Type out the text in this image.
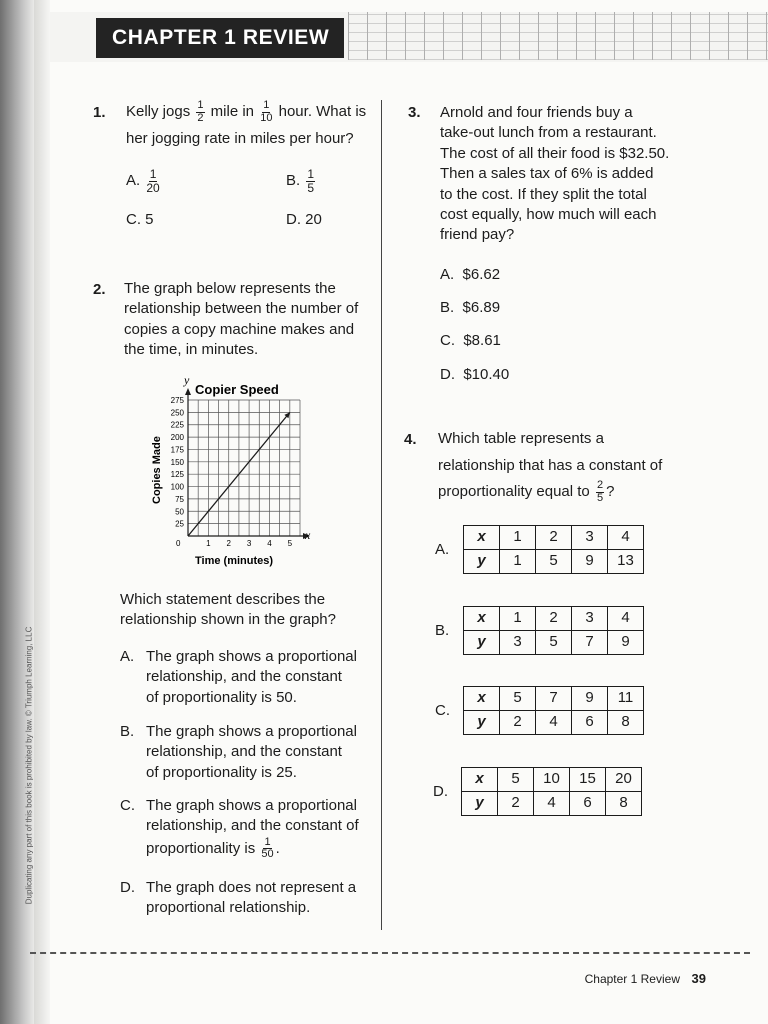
Duplicating any part of this book is prohibited by law. © Triumph Learning, LLC
CHAPTER 1 REVIEW
1. Kelly jogs $\frac{1}{2}$ mile in $\frac{1}{10}$ hour. What is
her jogging rate in miles per hour?
A. $\frac{1}{20}$	B. $\frac{1}{5}$
C. 5	D. 20
2. The graph below represents the
relationship between the number of
copies a copy machine makes and
the time, in minutes.
25
50
75
100
125
150
175
200
225
250
275
1 2 3 4 5
Copier Speed
y
x
0
Time (minutes)
Copies Made
Which statement describes the
relationship shown in the graph?
A. The graph shows a proportional
relationship, and the constant
of proportionality is 50.
B. The graph shows a proportional
relationship, and the constant
of proportionality is 25.
C. The graph shows a proportional
relationship, and the constant of
proportionality is $\frac{1}{50}$ .
D. The graph does not represent a
proportional relationship.
3. Arnold and four friends buy a
take-out lunch from a restaurant.
The cost of all their food is $32.50.
Then a sales tax of 6% is added
to the cost. If they split the total
cost equally, how much will each
friend pay?
A. $6.62
B. $6.89
C. $8.61
D. $10.40
4. Which table represents a
relationship that has a constant of
proportionality equal to $\frac{2}{5}$ ?
A.
x	1	2	3	4
y	1	5	9	13
B.
x	1	2	3	4
y	3	5	7	9
C.
x	5	7	9	11
y	2	4	6	8
D.
x	5	10	15	20
y	2	4	6	8
Chapter 1 Review 39
